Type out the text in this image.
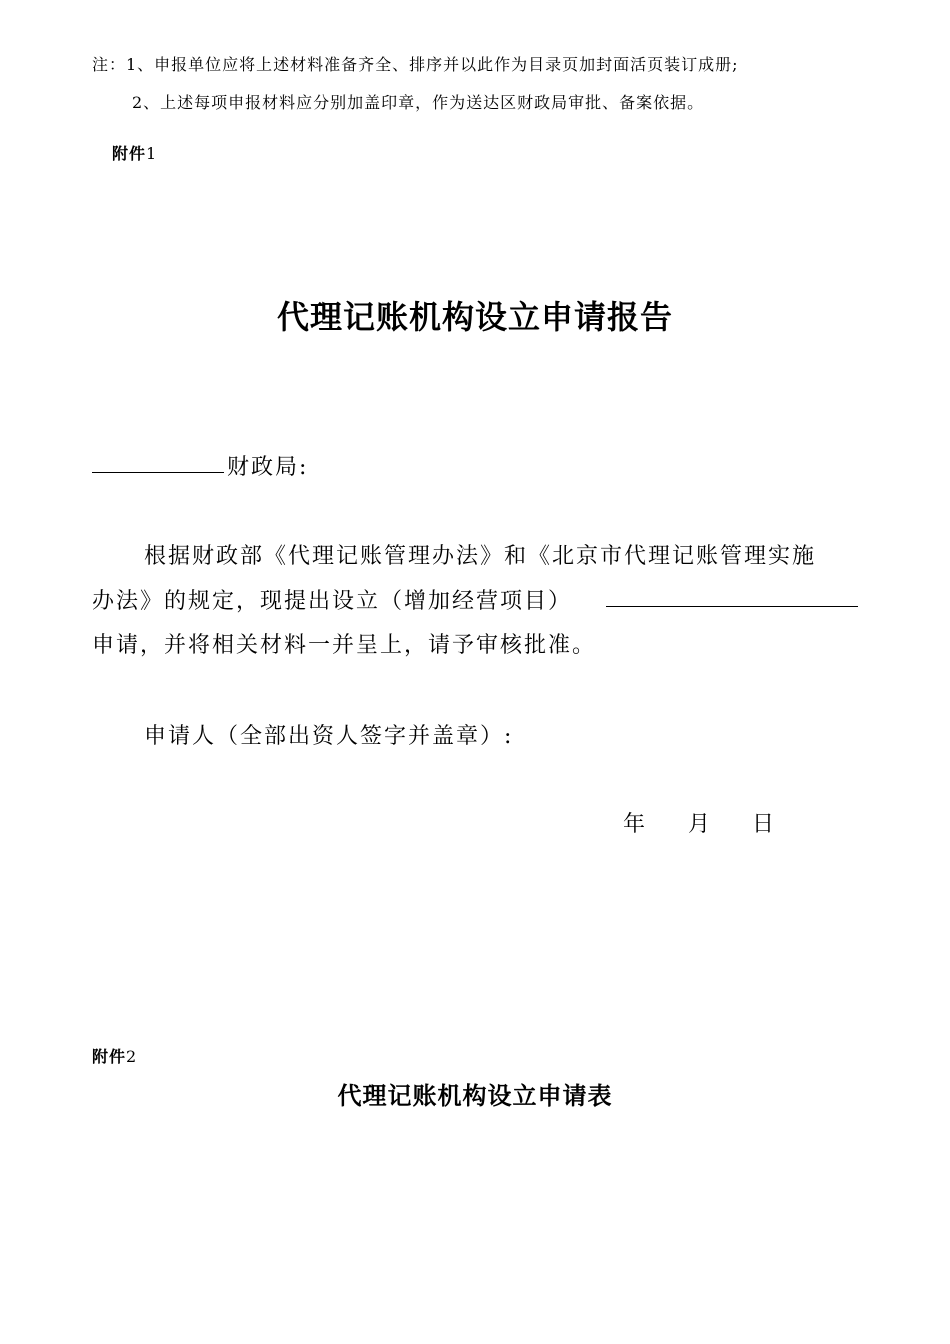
注：1、申报单位应将上述材料准备齐全、排序并以此作为目录页加封面活页装订成册;
2、上述每项申报材料应分别加盖印章，作为送达区财政局审批、备案依据。
附件1
代理记账机构设立申请报告
财政局:
根据财政部《代理记账管理办法》和《北京市代理记账管理实施
办法》的规定，现提出设立（增加经营项目）
申请，并将相关材料一并呈上，请予审核批准。
申请人（全部出资人签字并盖章）:
年 月 日
附件2
代理记账机构设立申请表
